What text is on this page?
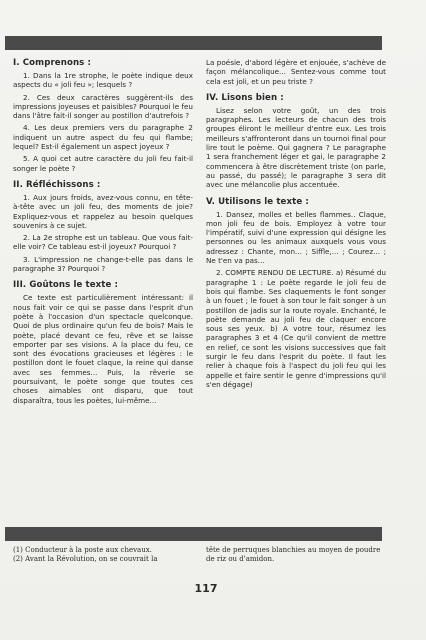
I. Comprenons :

1. Dans la 1re strophe, le poète indique deux aspects du « joli feu »; lesquels ?

2. Ces deux caractères suggèrent-ils des impressions joyeuses et paisibles? Pourquoi le feu dans l'âtre fait-il songer au postillon d'autrefois ?

4. Les deux premiers vers du paragraphe 2 indiquent un autre aspect du feu qui flambe; lequel? Est-il également un aspect joyeux ?

5. A quoi cet autre caractère du joli feu fait-il songer le poète ?

II. Réfléchissons :

1. Aux jours froids, avez-vous connu, en tête-à-tête avec un joli feu, des moments de joie? Expliquez-vous et rappelez au besoin quelques souvenirs à ce sujet.

2. La 2e strophe est un tableau. Que vous fait-elle voir? Ce tableau est-il joyeux? Pourquoi ?

3. L'impression ne change-t-elle pas dans le paragraphe 3? Pourquoi ?

III. Goûtons le texte :

Ce texte est particulièrement intéressant: il nous fait voir ce qui se passe dans l'esprit d'un poète à l'occasion d'un spectacle quelconque. Quoi de plus ordinaire qu'un feu de bois? Mais le poète, placé devant ce feu, rêve et se laisse emporter par ses visions. A la place du feu, ce sont des évocations gracieuses et légères : le postillon dont le fouet claque, la reine qui danse avec ses femmes... Puis, la rêverie se poursuivant, le poète songe que toutes ces choses aimables ont disparu, que tout disparaîtra, tous les poètes, lui-même...

La poésie, d'abord légère et enjouée, s'achève de façon mélancolique... Sentez-vous comme tout cela est joli, et un peu triste ?

IV. Lisons bien :

Lisez selon votre goût, un des trois paragraphes. Les lecteurs de chacun des trois groupes éliront le meilleur d'entre eux. Les trois meilleurs s'affronteront dans un tournoi final pour lire tout le poème. Qui gagnera ? Le paragraphe 1 sera franchement léger et gai, le paragraphe 2 commencera à être discrètement triste (on parle, au passé, du passé); le paragraphe 3 sera dit avec une mélancolie plus accentuée.

V. Utilisons le texte :

1. Dansez, molles et belles flammes.. Claque, mon joli feu de bois. Employez à votre tour l'impératif, suivi d'une expression qui désigne les personnes ou les animaux auxquels vous vous adressez : Chante, mon... ; Siffle,... ; Courez... ; Ne t'en va pas...

2. COMPTE RENDU DE LECTURE. a) Résumé du paragraphe 1 : Le poète regarde le joli feu de bois qui flambe. Ses claquements le font songer à un fouet ; le fouet à son tour le fait songer à un postillon de jadis sur la route royale. Enchanté, le poète demande au joli feu de claquer encore sous ses yeux. b) A votre tour, résumez les paragraphes 3 et 4 (Ce qu'il convient de mettre en relief, ce sont les visions successives que fait surgir le feu dans l'esprit du poète. Il faut les relier à chaque fois à l'aspect du joli feu qui les appelle et faire sentir le genre d'impressions qu'il s'en dégage)

(1) Conducteur à la poste aux chevaux.
(2) Avant la Révolution, on se couvrait la
tête de perruques blanchies au moyen de poudre de riz ou d'amidon.
117
